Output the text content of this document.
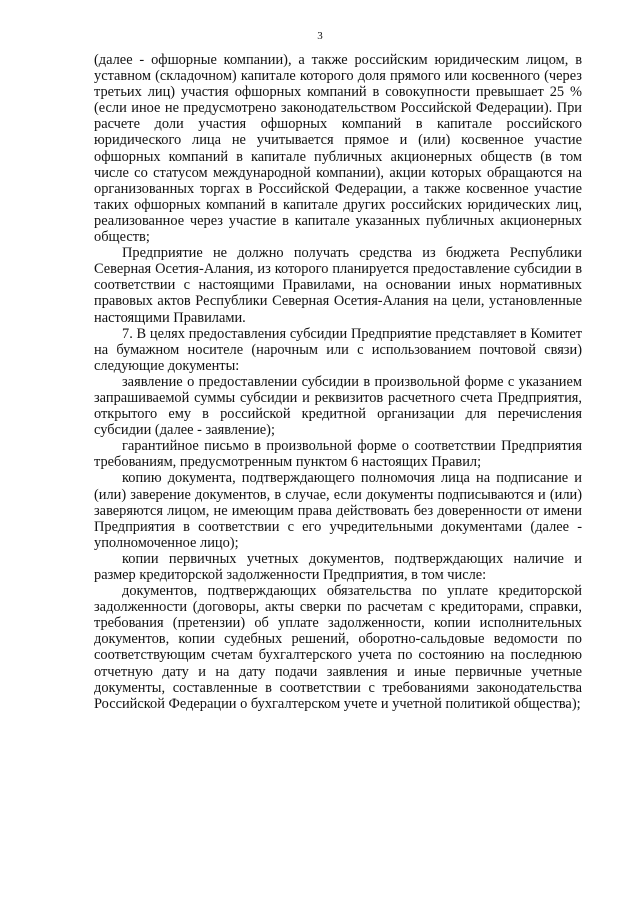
3

(далее - офшорные компании), а также российским юридическим лицом, в уставном (складочном) капитале которого доля прямого или косвенного (через третьих лиц) участия офшорных компаний в совокупности превышает 25 % (если иное не предусмотрено законодательством Российской Федерации). При расчете доли участия офшорных компаний в капитале российского юридического лица не учитывается прямое и (или) косвенное участие офшорных компаний в капитале публичных акционерных обществ (в том числе со статусом международной компании), акции которых обращаются на организованных торгах в Российской Федерации, а также косвенное участие таких офшорных компаний в капитале других российских юридических лиц, реализованное через участие в капитале указанных публичных акционерных обществ;

Предприятие не должно получать средства из бюджета Республики Северная Осетия-Алания, из которого планируется предоставление субсидии в соответствии с настоящими Правилами, на основании иных нормативных правовых актов Республики Северная Осетия-Алания на цели, установленные настоящими Правилами.

7. В целях предоставления субсидии Предприятие представляет в Комитет на бумажном носителе (нарочным или с использованием почтовой связи) следующие документы:

заявление о предоставлении субсидии в произвольной форме с указанием запрашиваемой суммы субсидии и реквизитов расчетного счета Предприятия, открытого ему в российской кредитной организации для перечисления субсидии (далее - заявление);

гарантийное письмо в произвольной форме о соответствии Предприятия требованиям, предусмотренным пунктом 6 настоящих Правил;

копию документа, подтверждающего полномочия лица на подписание и (или) заверение документов, в случае, если документы подписываются и (или) заверяются лицом, не имеющим права действовать без доверенности от имени Предприятия в соответствии с его учредительными документами (далее - уполномоченное лицо);

копии первичных учетных документов, подтверждающих наличие и размер кредиторской задолженности Предприятия, в том числе:

документов, подтверждающих обязательства по уплате кредиторской задолженности (договоры, акты сверки по расчетам с кредиторами, справки, требования (претензии) об уплате задолженности, копии исполнительных документов, копии судебных решений, оборотно-сальдовые ведомости по соответствующим счетам бухгалтерского учета по состоянию на последнюю отчетную дату и на дату подачи заявления и иные первичные учетные документы, составленные в соответствии с требованиями законодательства Российской Федерации о бухгалтерском учете и учетной политикой общества);
